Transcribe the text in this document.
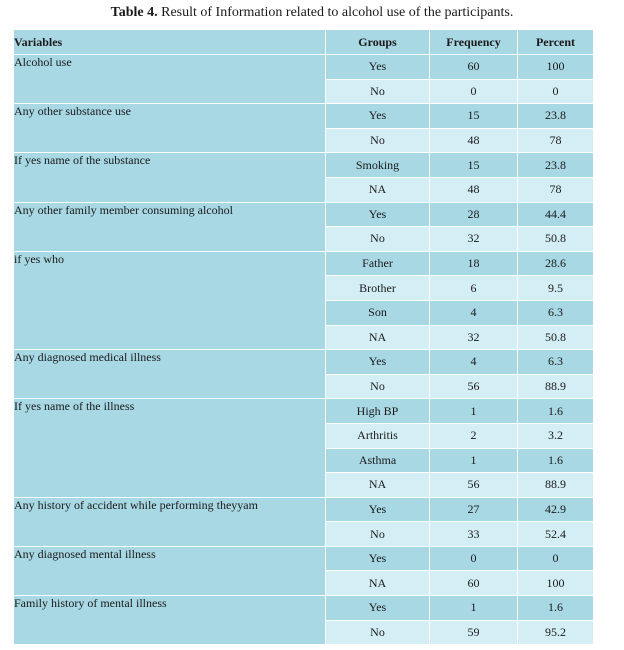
Table 4. Result of Information related to alcohol use of the participants.
Variables	Groups	Frequency	Percent
Alcohol use	Yes	60	100
	No	0	0
Any other substance use	Yes	15	23.8
	No	48	78
If yes name of the substance	Smoking	15	23.8
	NA	48	78
Any other family member consuming alcohol	Yes	28	44.4
	No	32	50.8
if yes who	Father	18	28.6
	Brother	6	9.5
	Son	4	6.3
	NA	32	50.8
Any diagnosed medical illness	Yes	4	6.3
	No	56	88.9
If yes name of the illness	High BP	1	1.6
	Arthritis	2	3.2
	Asthma	1	1.6
	NA	56	88.9
Any history of accident while performing theyyam	Yes	27	42.9
	No	33	52.4
Any diagnosed mental illness	Yes	0	0
	NA	60	100
Family history of mental illness	Yes	1	1.6
	No	59	95.2
